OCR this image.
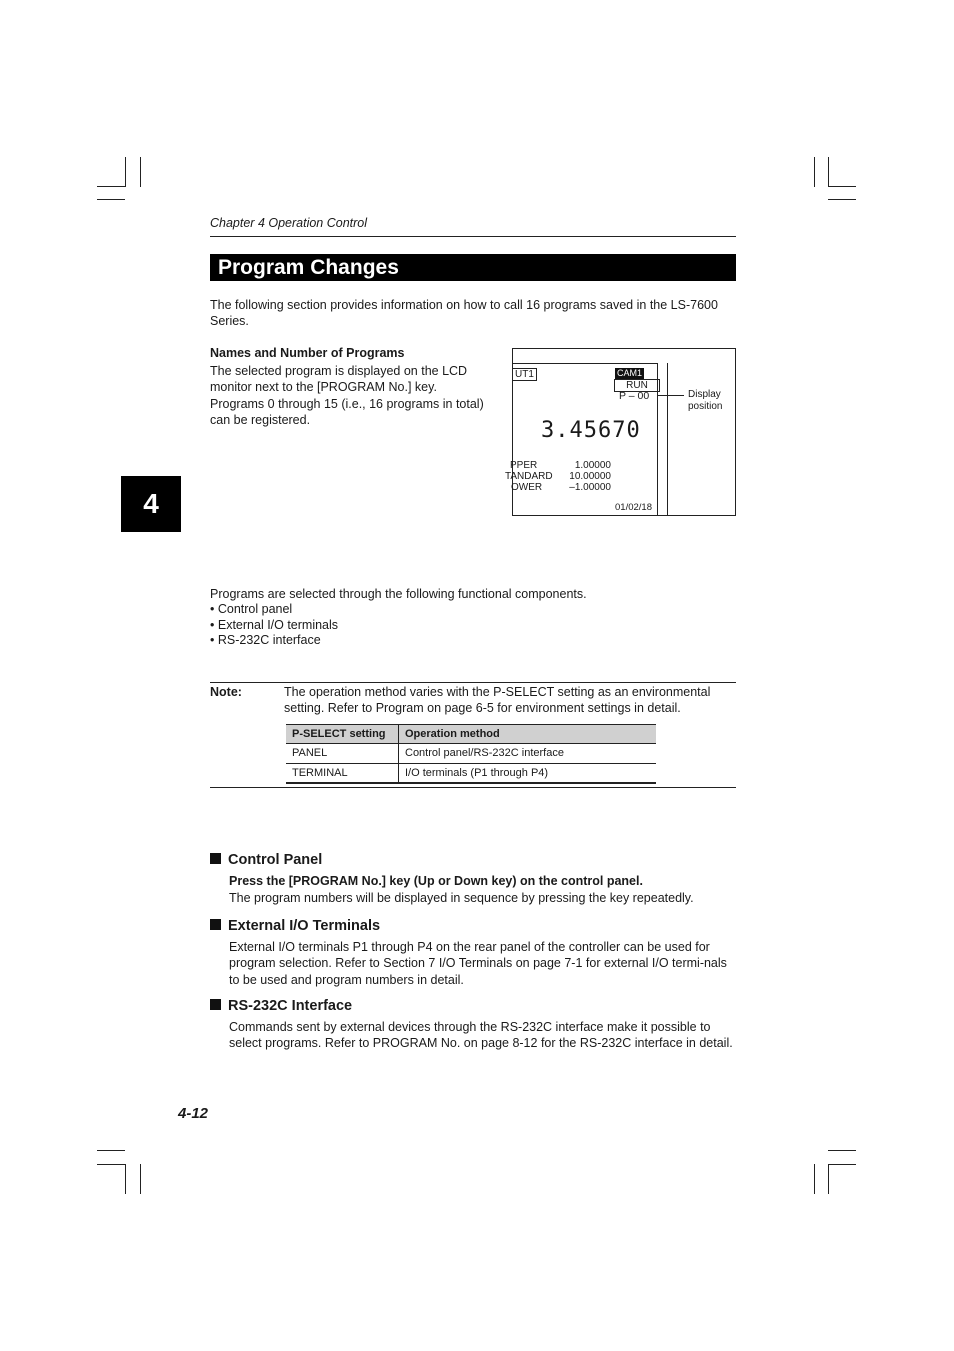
Chapter 4 Operation Control
Program Changes
The following section provides information on how to call 16 programs saved in the LS-7600 Series.
Names and Number of Programs
The selected program is displayed on the LCD monitor next to the [PROGRAM No.] key. Programs 0 through 15 (i.e., 16 programs in total) can be registered.
4
UT1	CAM1
RUN
P – 00
3.45670
PPER	1.00000
TANDARD	10.00000
OWER	–1.00000
01/02/18
Display
position
Programs are selected through the following functional components.
• Control panel
• External I/O terminals
• RS-232C interface
Note:	The operation method varies with the P-SELECT setting as an environmental setting. Refer to Program on page 6-5 for environment settings in detail.
P-SELECT setting	Operation method
PANEL	Control panel/RS-232C interface
TERMINAL	I/O terminals (P1 through P4)
Control Panel
Press the [PROGRAM No.] key (Up or Down key) on the control panel.
The program numbers will be displayed in sequence by pressing the key repeatedly.
External I/O Terminals
External I/O terminals P1 through P4 on the rear panel of the controller can be used for program selection. Refer to Section 7 I/O Terminals on page 7-1 for external I/O termi-nals to be used and program numbers in detail.
RS-232C Interface
Commands sent by external devices through the RS-232C interface make it possible to select programs. Refer to PROGRAM No. on page 8-12 for the RS-232C interface in detail.
4-12
